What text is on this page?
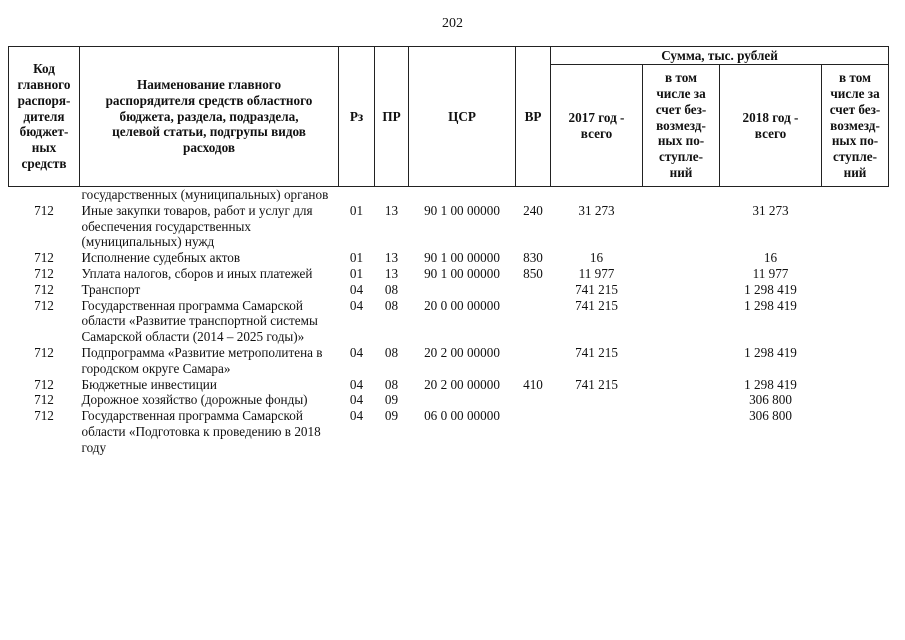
202
Код главного распоря-дителя бюджет-ных средств	Наименование главного распорядителя средств областного бюджета, раздела, подраздела, целевой статьи, подгрупы видов расходов	Рз	ПР	ЦСР	ВР	Сумма, тыс. рублей			
						2017 год - всего	в том числе за счет без-возмезд-ных по-ступле-ний	2018 год - всего	в том числе за счет без-возмезд-ных по-ступле-ний
	государственных (муниципальных) органов								
712	Иные закупки товаров, работ и услуг для обеспечения государственных (муниципальных) нужд	01	13	90 1 00 00000	240	31 273		31 273	
712	Исполнение судебных актов	01	13	90 1 00 00000	830	16		16	
712	Уплата налогов, сборов и иных платежей	01	13	90 1 00 00000	850	11 977		11 977	
712	Транспорт	04	08			741 215		1 298 419	
712	Государственная программа Самарской области «Развитие транспортной системы Самарской области (2014 – 2025 годы)»	04	08	20 0 00 00000		741 215		1 298 419	
712	Подпрограмма «Развитие метрополитена в городском округе Самара»	04	08	20 2 00 00000		741 215		1 298 419	
712	Бюджетные инвестиции	04	08	20 2 00 00000	410	741 215		1 298 419	
712	Дорожное хозяйство (дорожные фонды)	04	09					306 800	
712	Государственная программа Самарской области «Подготовка к проведению в 2018 году	04	09	06 0 00 00000				306 800	
